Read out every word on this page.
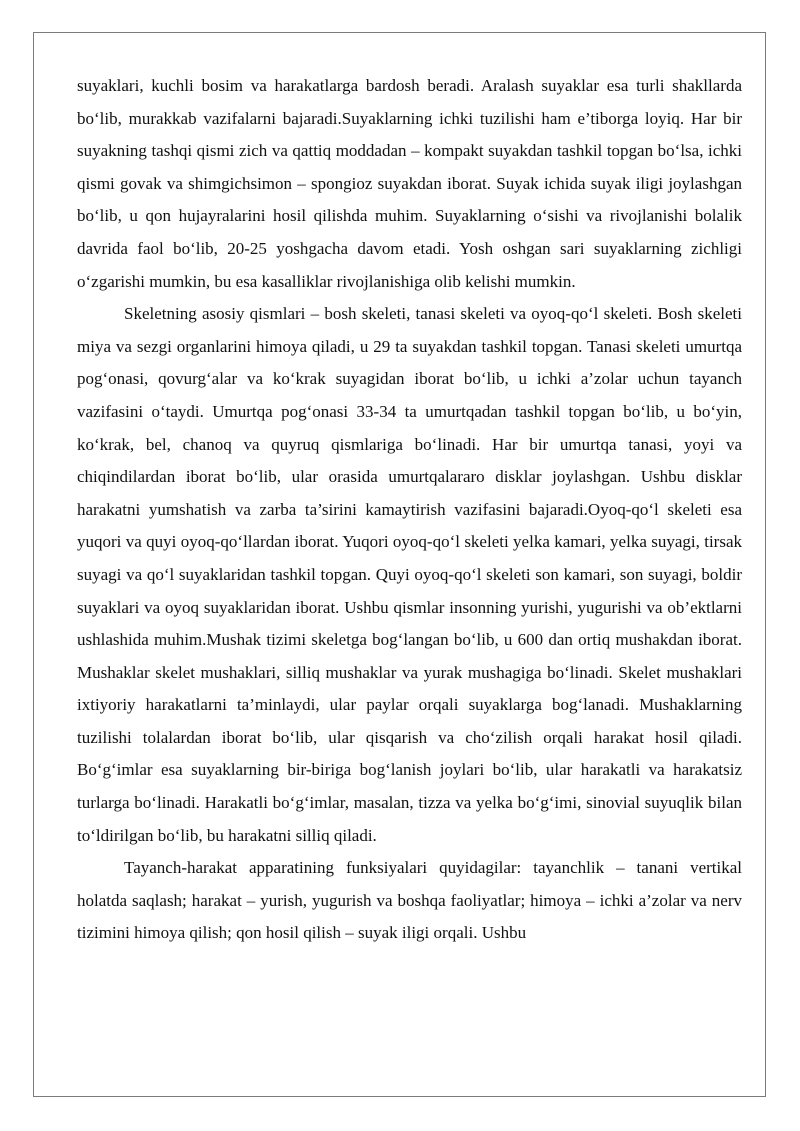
suyaklari, kuchli bosim va harakatlarga bardosh beradi. Aralash suyaklar esa turli shakllarda bo‘lib, murakkab vazifalarni bajaradi.Suyaklarning ichki tuzilishi ham e’tiborga loyiq. Har bir suyakning tashqi qismi zich va qattiq moddadan – kompakt suyakdan tashkil topgan bo‘lsa, ichki qismi govak va shimgichsimon – spongioz suyakdan iborat. Suyak ichida suyak iligi joylashgan bo‘lib, u qon hujayralarini hosil qilishda muhim. Suyaklarning o‘sishi va rivojlanishi bolalik davrida faol bo‘lib, 20-25 yoshgacha davom etadi. Yosh oshgan sari suyaklarning zichligi o‘zgarishi mumkin, bu esa kasalliklar rivojlanishiga olib kelishi mumkin.

Skeletning asosiy qismlari – bosh skeleti, tanasi skeleti va oyoq-qo‘l skeleti. Bosh skeleti miya va sezgi organlarini himoya qiladi, u 29 ta suyakdan tashkil topgan. Tanasi skeleti umurtqa pog‘onasi, qovurg‘alar va ko‘krak suyagidan iborat bo‘lib, u ichki a’zolar uchun tayanch vazifasini o‘taydi. Umurtqa pog‘onasi 33-34 ta umurtqadan tashkil topgan bo‘lib, u bo‘yin, ko‘krak, bel, chanoq va quyruq qismlariga bo‘linadi. Har bir umurtqa tanasi, yoyi va chiqindilardan iborat bo‘lib, ular orasida umurtqalararo disklar joylashgan. Ushbu disklar harakatni yumshatish va zarba ta’sirini kamaytirish vazifasini bajaradi.Oyoq-qo‘l skeleti esa yuqori va quyi oyoq-qo‘llardan iborat. Yuqori oyoq-qo‘l skeleti yelka kamari, yelka suyagi, tirsak suyagi va qo‘l suyaklaridan tashkil topgan. Quyi oyoq-qo‘l skeleti son kamari, son suyagi, boldir suyaklari va oyoq suyaklaridan iborat. Ushbu qismlar insonning yurishi, yugurishi va ob’ektlarni ushlashida muhim.Mushak tizimi skeletga bog‘langan bo‘lib, u 600 dan ortiq mushakdan iborat. Mushaklar skelet mushaklari, silliq mushaklar va yurak mushagiga bo‘linadi. Skelet mushaklari ixtiyoriy harakatlarni ta’minlaydi, ular paylar orqali suyaklarga bog‘lanadi. Mushaklarning tuzilishi tolalardan iborat bo‘lib, ular qisqarish va cho‘zilish orqali harakat hosil qiladi. Bo‘g‘imlar esa suyaklarning bir-biriga bog‘lanish joylari bo‘lib, ular harakatli va harakatsiz turlarga bo‘linadi. Harakatli bo‘g‘imlar, masalan, tizza va yelka bo‘g‘imi, sinovial suyuqlik bilan to‘ldirilgan bo‘lib, bu harakatni silliq qiladi.

Tayanch-harakat apparatining funksiyalari quyidagilar: tayanchlik – tanani vertikal holatda saqlash; harakat – yurish, yugurish va boshqa faoliyatlar; himoya – ichki a’zolar va nerv tizimini himoya qilish; qon hosil qilish – suyak iligi orqali. Ushbu
